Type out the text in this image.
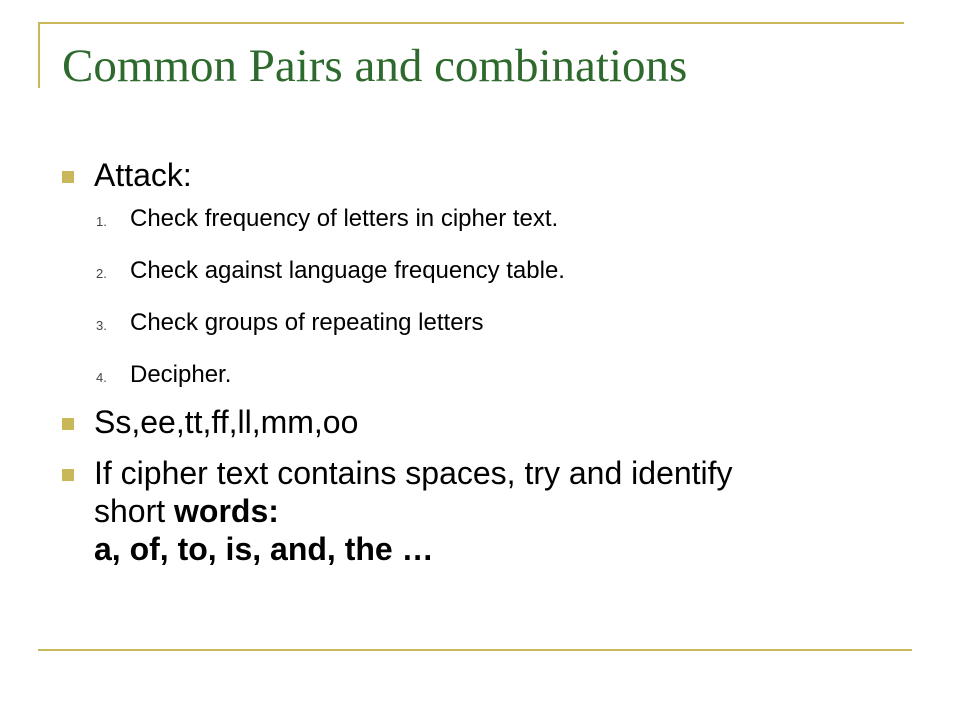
Common Pairs and combinations
Attack:
1. Check frequency of letters in cipher text.
2. Check against language frequency table.
3. Check groups of repeating letters
4. Decipher.
Ss,ee,tt,ff,ll,mm,oo
If cipher text contains spaces, try and identify
short words:
a, of, to, is, and, the …
